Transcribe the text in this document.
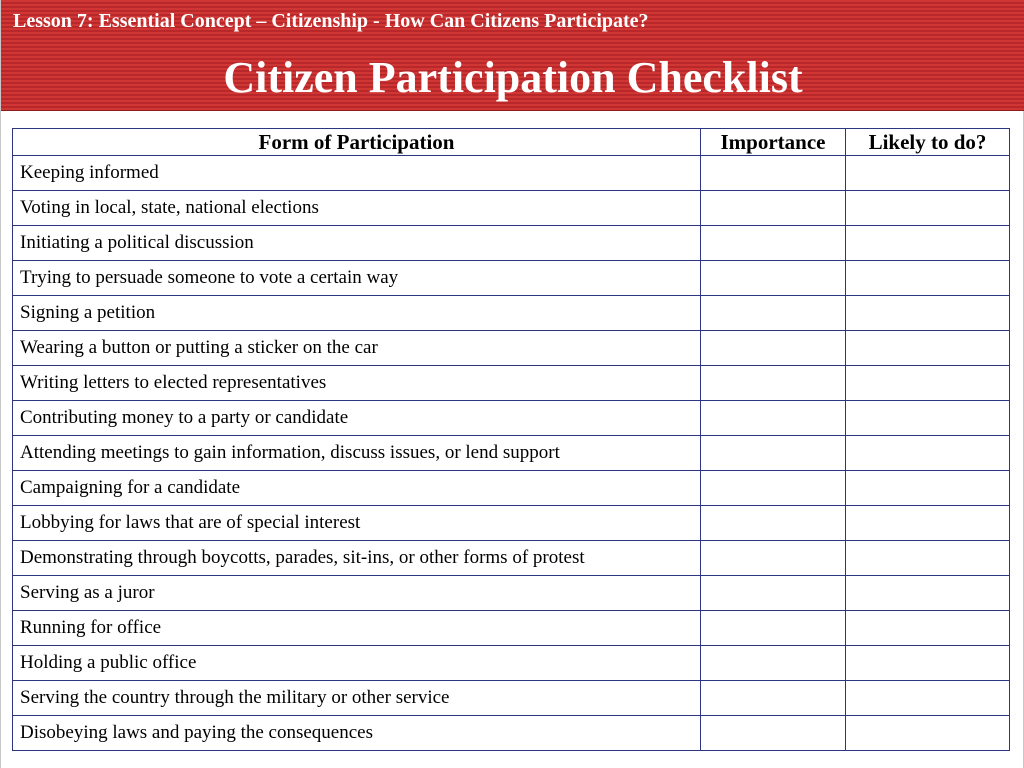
Lesson 7: Essential Concept – Citizenship - How Can Citizens Participate?
Citizen Participation Checklist
Form of Participation	Importance	Likely to do?
Keeping informed		
Voting in local, state, national elections		
Initiating a political discussion		
Trying to persuade someone to vote a certain way		
Signing a petition		
Wearing a button or putting a sticker on the car		
Writing letters to elected representatives		
Contributing money to a party or candidate		
Attending meetings to gain information, discuss issues, or lend support		
Campaigning for a candidate		
Lobbying for laws that are of special interest		
Demonstrating through boycotts, parades, sit-ins, or other forms of protest		
Serving as a juror		
Running for office		
Holding a public office		
Serving the country through the military or other service		
Disobeying laws and paying the consequences		
